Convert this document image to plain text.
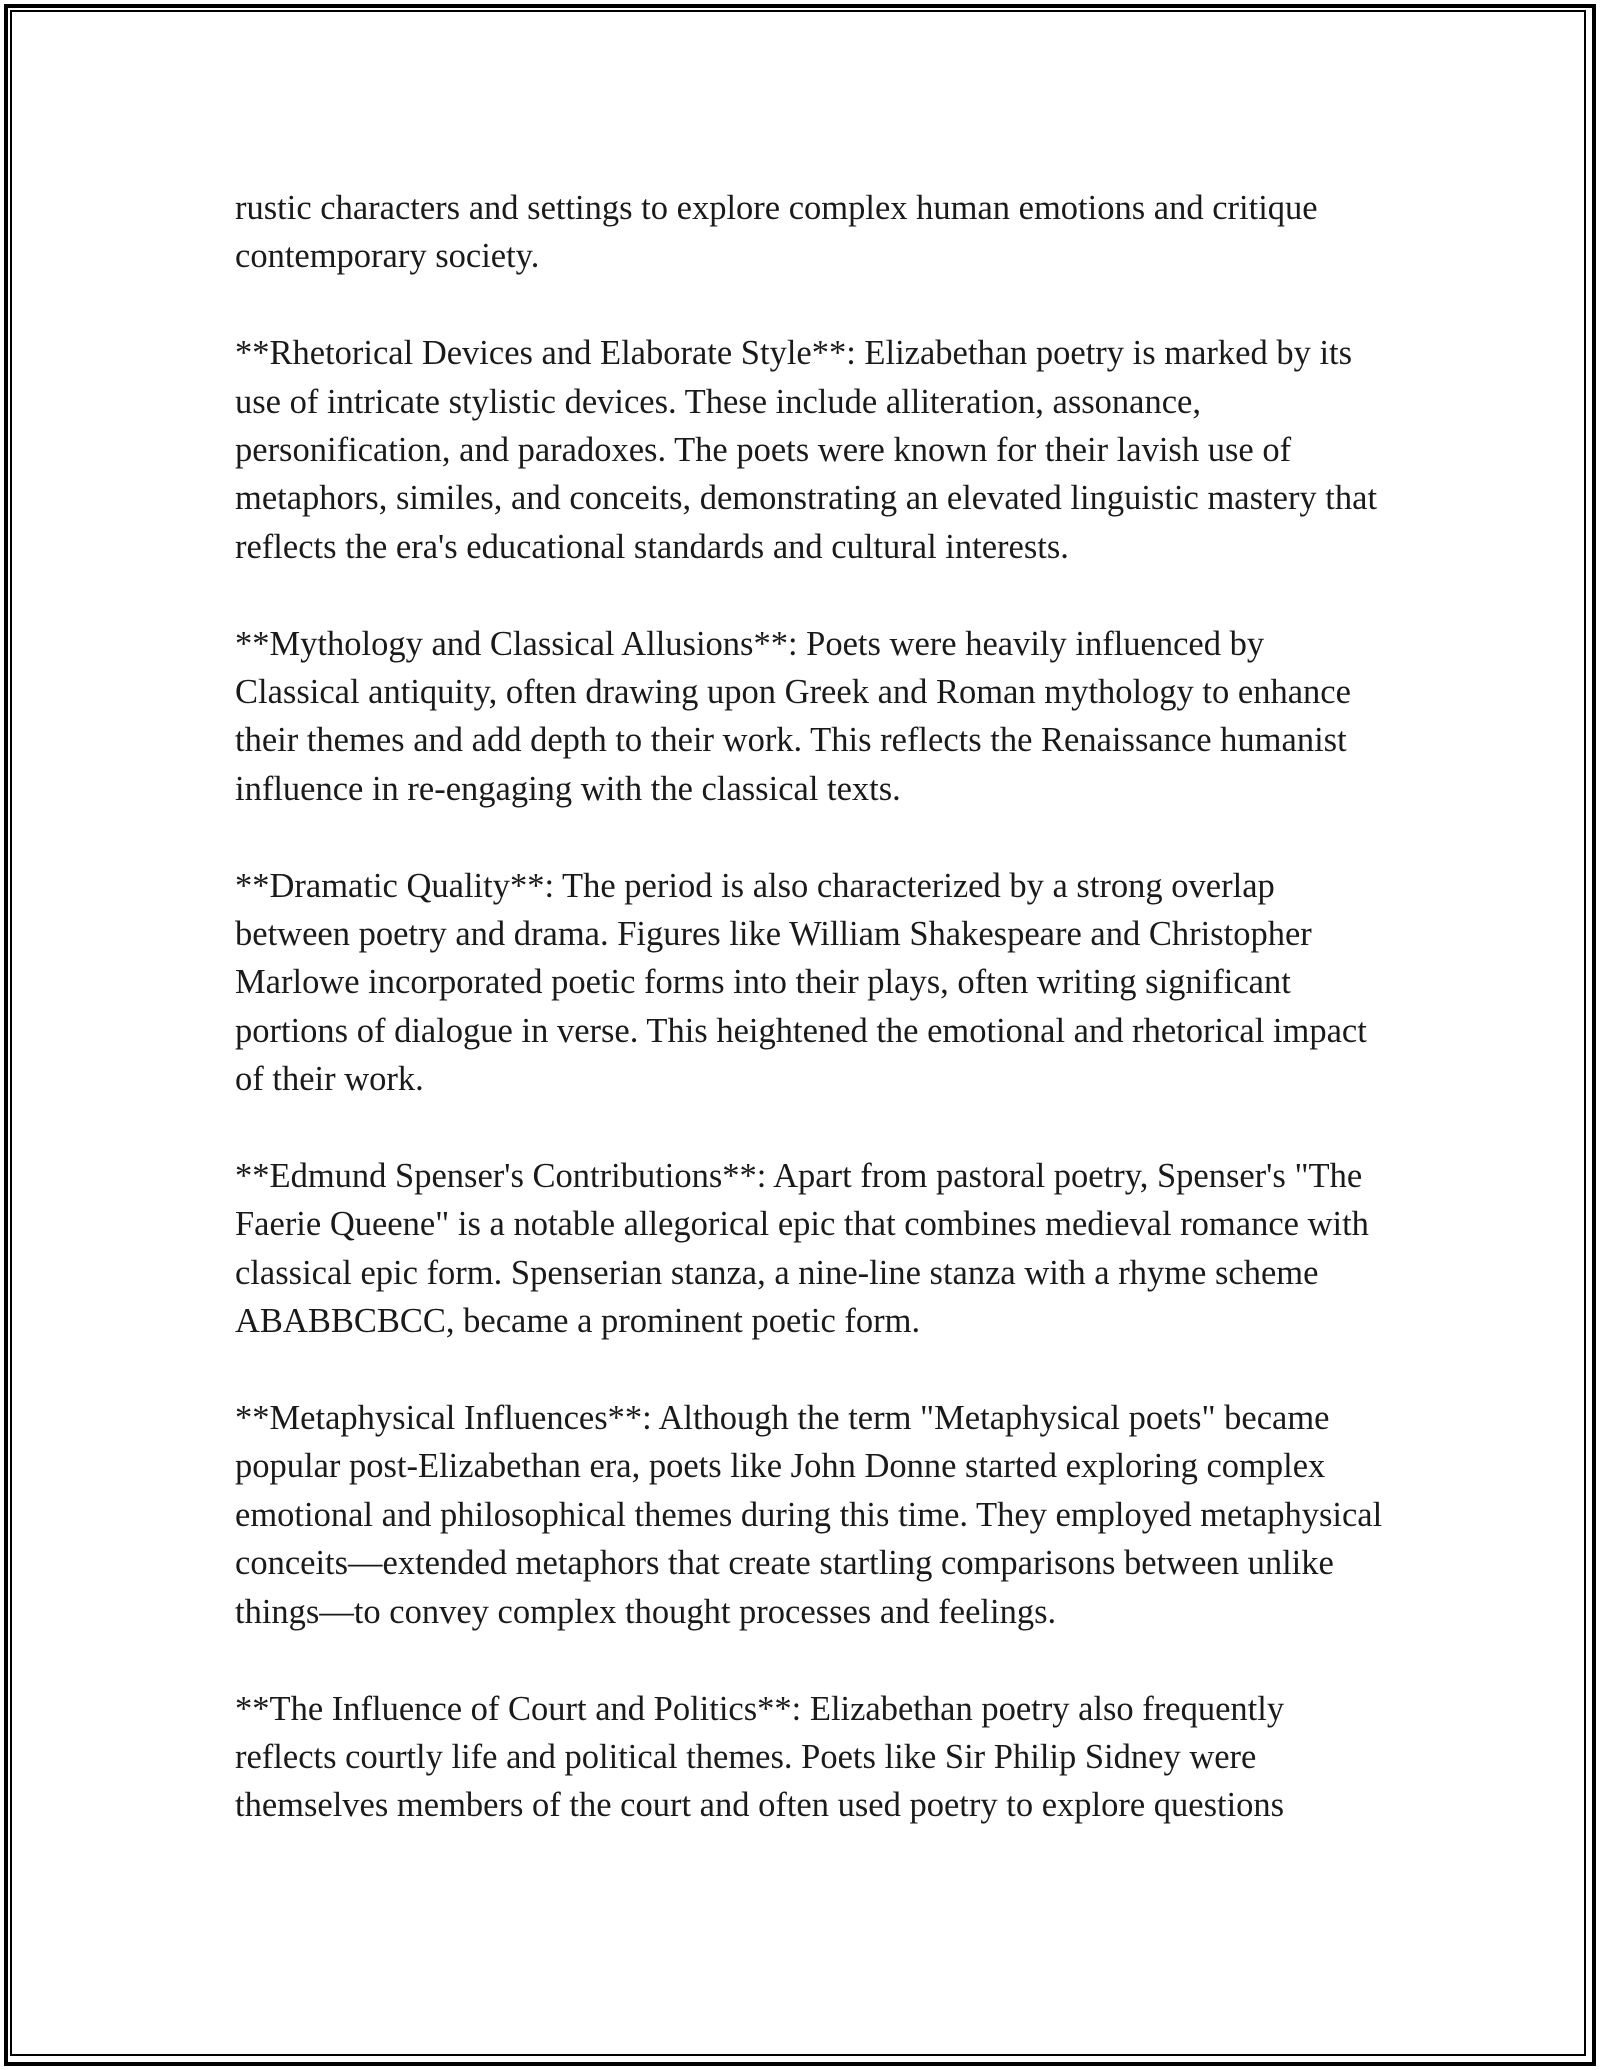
rustic characters and settings to explore complex human emotions and critique contemporary society.

**Rhetorical Devices and Elaborate Style**: Elizabethan poetry is marked by its use of intricate stylistic devices. These include alliteration, assonance, personification, and paradoxes. The poets were known for their lavish use of metaphors, similes, and conceits, demonstrating an elevated linguistic mastery that reflects the era's educational standards and cultural interests.

**Mythology and Classical Allusions**: Poets were heavily influenced by Classical antiquity, often drawing upon Greek and Roman mythology to enhance their themes and add depth to their work. This reflects the Renaissance humanist influence in re-engaging with the classical texts.

**Dramatic Quality**: The period is also characterized by a strong overlap between poetry and drama. Figures like William Shakespeare and Christopher Marlowe incorporated poetic forms into their plays, often writing significant portions of dialogue in verse. This heightened the emotional and rhetorical impact of their work.

**Edmund Spenser's Contributions**: Apart from pastoral poetry, Spenser's "The Faerie Queene" is a notable allegorical epic that combines medieval romance with classical epic form. Spenserian stanza, a nine-line stanza with a rhyme scheme ABABBCBCC, became a prominent poetic form.

**Metaphysical Influences**: Although the term "Metaphysical poets" became popular post-Elizabethan era, poets like John Donne started exploring complex emotional and philosophical themes during this time. They employed metaphysical conceits—extended metaphors that create startling comparisons between unlike things—to convey complex thought processes and feelings.

**The Influence of Court and Politics**: Elizabethan poetry also frequently reflects courtly life and political themes. Poets like Sir Philip Sidney were themselves members of the court and often used poetry to explore questions
